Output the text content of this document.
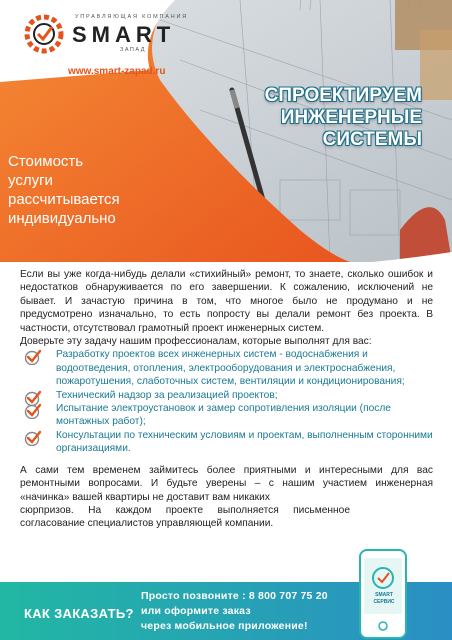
УПРАВЛЯЮЩАЯ КОМПАНИЯ
SMART
ЗАПАД
www.smart-zapad.ru
СПРОЕКТИРУЕМ
ИНЖЕНЕРНЫЕ
СИСТЕМЫ
Стоимость
услуги
рассчитывается
индивидуально

Если вы уже когда-нибудь делали «стихийный» ремонт, то знаете, сколько ошибок и недостатков обнаруживается по его завершении. К сожалению, исключений не бывает. И зачастую причина в том, что многое было не продумано и не предусмотрено изначально, то есть попросту вы делали ремонт без проекта. В частности, отсутствовал грамотный проект инженерных систем.

Доверьте эту задачу нашим профессионалам, которые выполнят для вас:

Разработку проектов всех инженерных систем - водоснабжения и водоотведения, отопления, электрооборудования и электроснабжения, пожаротушения, слаботочных систем, вентиляции и кондиционирования;
Технический надзор за реализацией проектов;
Испытание электроустановок и замер сопротивления изоляции (после монтажных работ);
Консультации по техническим условиям и проектам, выполненным сторонними организациями.

А сами тем временем займитесь более приятными и интересными для вас ремонтными вопросами. И будьте уверены – с нашим участием инженерная «начинка» вашей квартиры не доставит вам никаких

сюрпризов. На каждом проекте выполняется письменное согласование специалистов управляющей компании.

SMART
СЕРВИС
КАК ЗАКАЗАТЬ?
Просто позвоните : 8 800 707 75 20
или оформите заказ
через мобильное приложение!
